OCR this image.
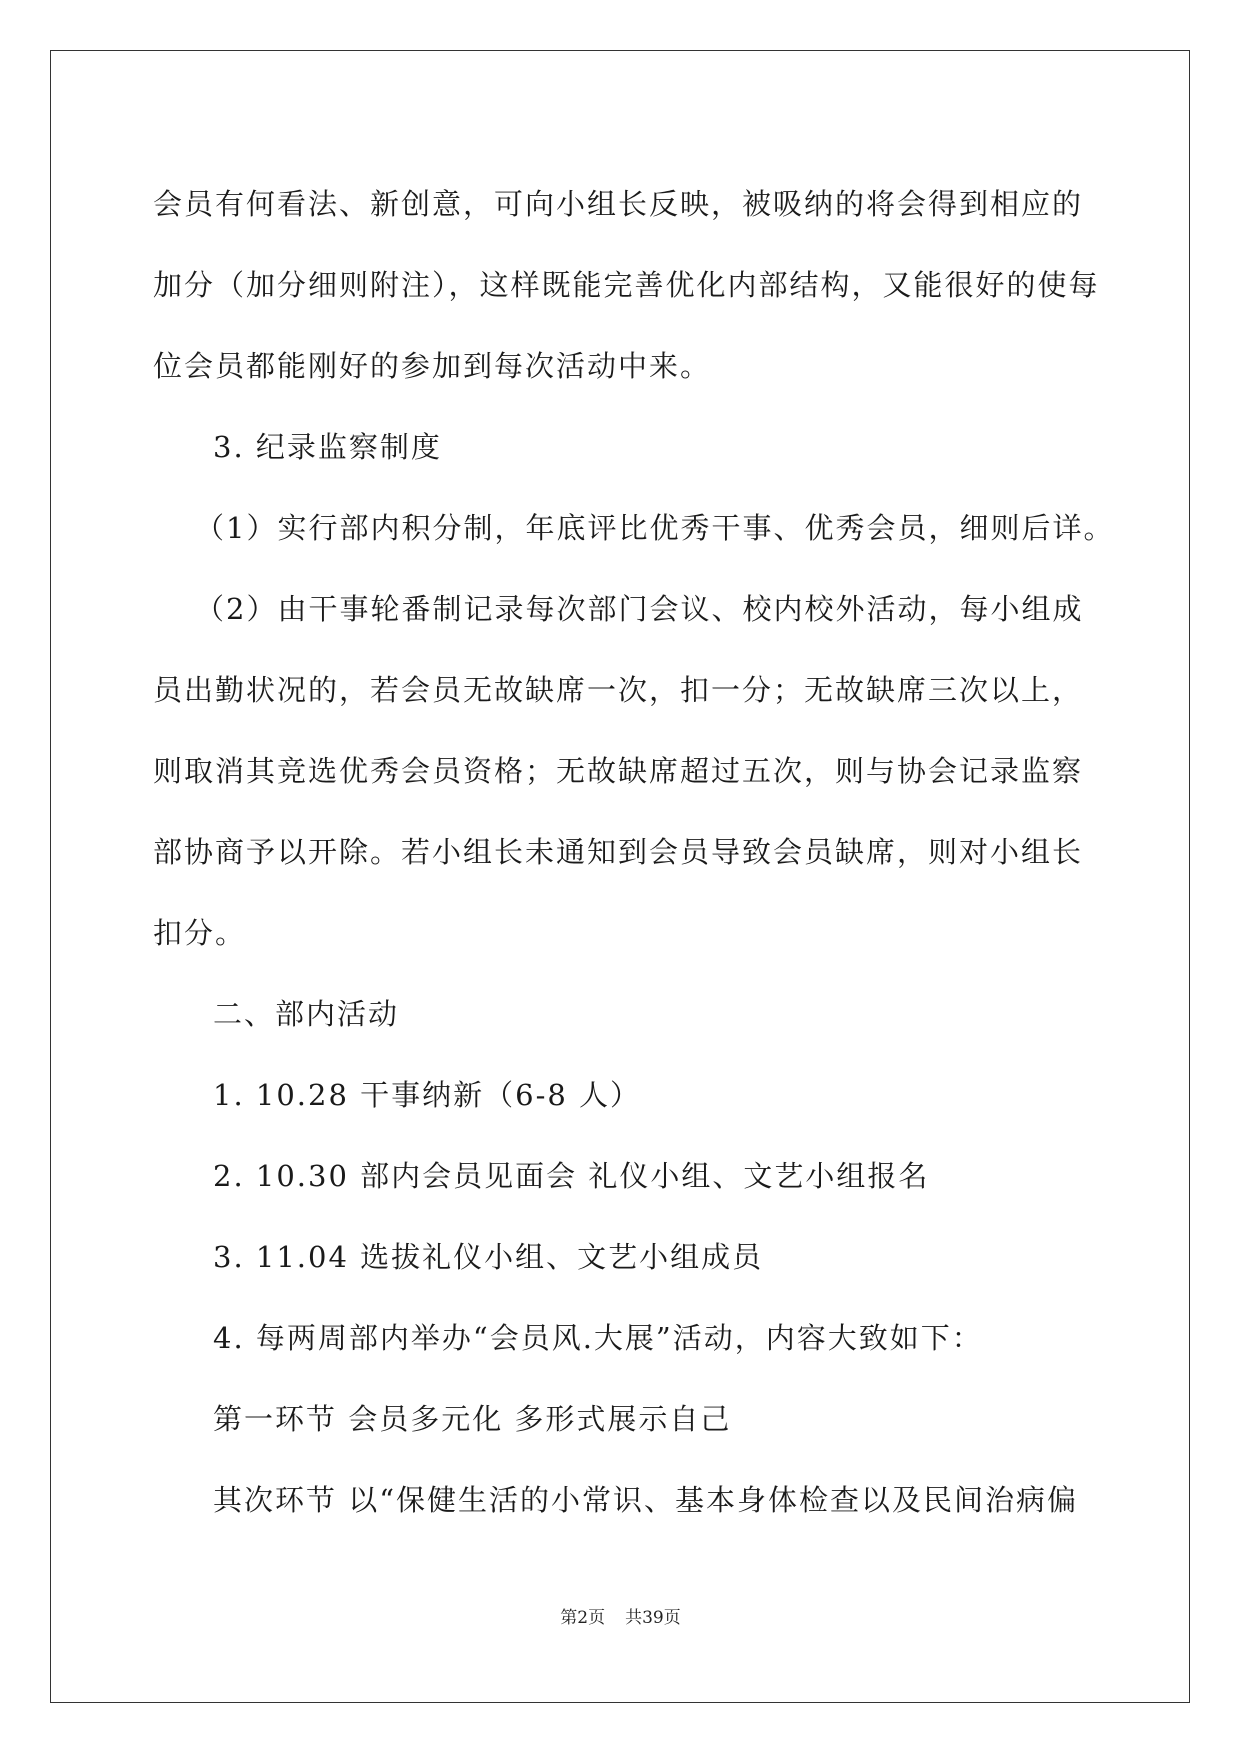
会员有何看法、新创意，可向小组长反映，被吸纳的将会得到相应的
加分（加分细则附注），这样既能完善优化内部结构，又能很好的使每
位会员都能刚好的参加到每次活动中来。
3. 纪录监察制度
（1）实行部内积分制，年底评比优秀干事、优秀会员，细则后详。
（2）由干事轮番制记录每次部门会议、校内校外活动，每小组成
员出勤状况的，若会员无故缺席一次，扣一分；无故缺席三次以上，
则取消其竞选优秀会员资格；无故缺席超过五次，则与协会记录监察
部协商予以开除。若小组长未通知到会员导致会员缺席，则对小组长
扣分。
二、部内活动
1. 10.28 干事纳新（6-8 人）
2. 10.30 部内会员见面会 礼仪小组、文艺小组报名
3. 11.04 选拔礼仪小组、文艺小组成员
4. 每两周部内举办“会员风.大展”活动，内容大致如下：
第一环节 会员多元化 多形式展示自己
其次环节 以“保健生活的小常识、基本身体检查以及民间治病偏
第2页 共39页
